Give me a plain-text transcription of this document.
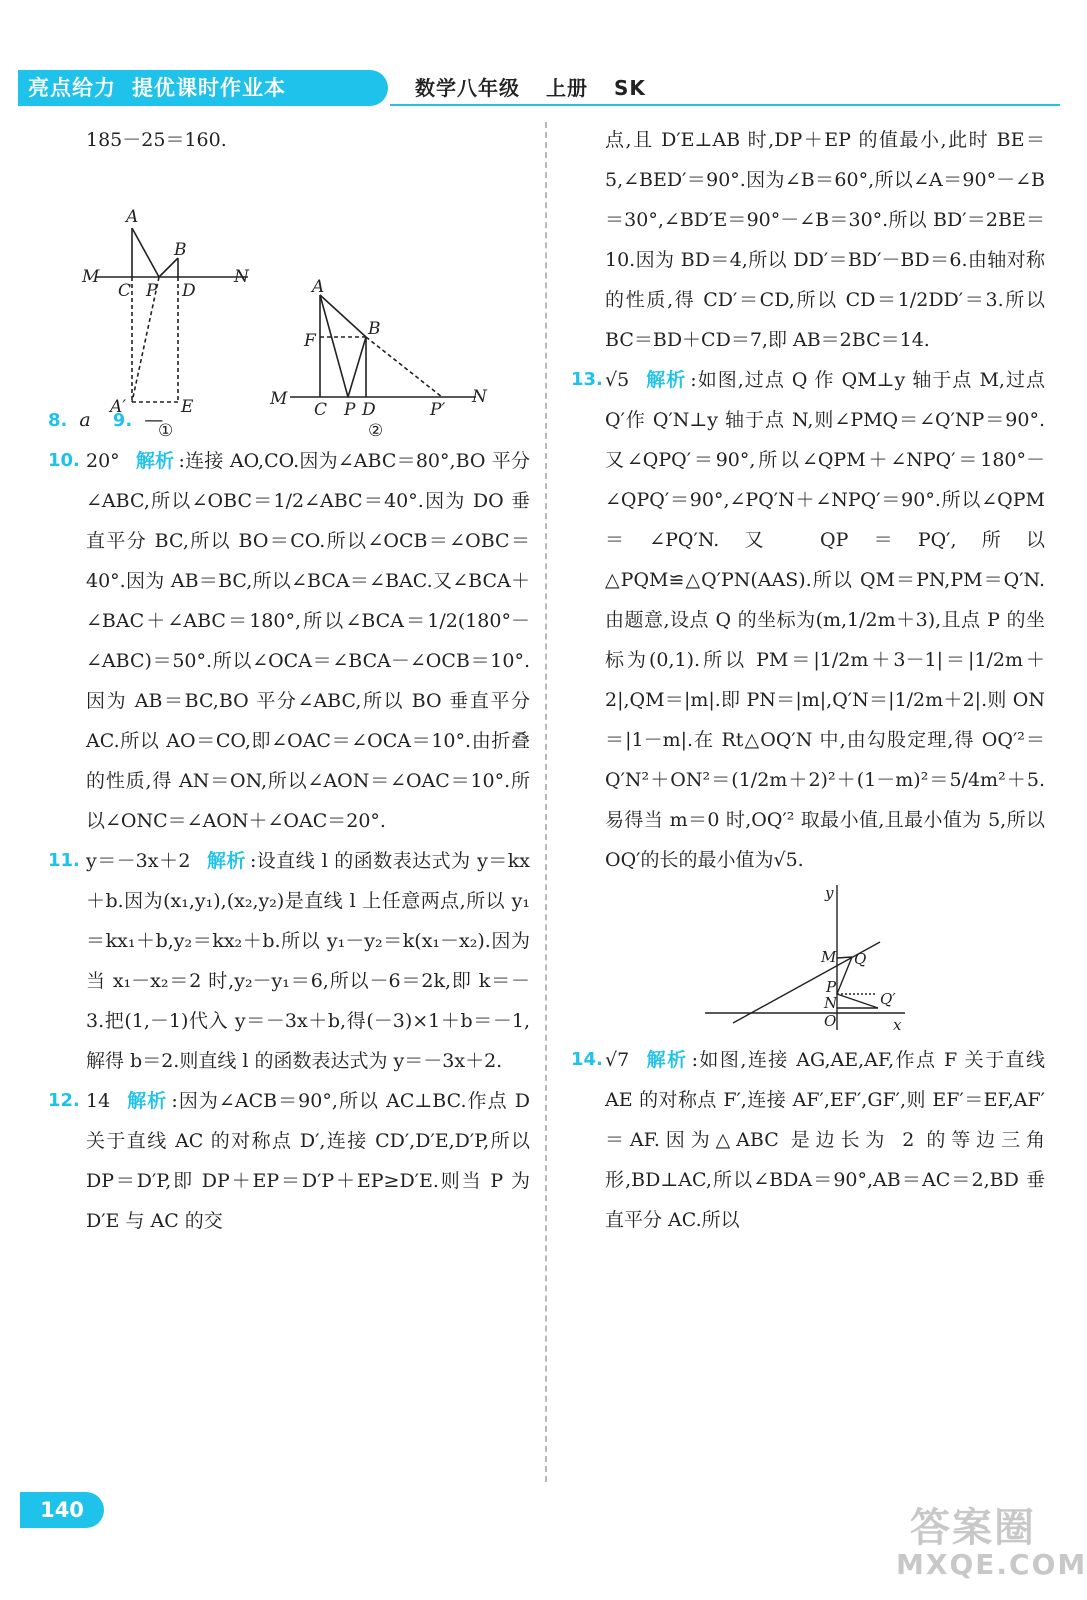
亮点给力 提优课时作业本	数学八年级 上册 SK

185－25＝160.

A
B
M	N
C P D
A′	E
①
A
B
F
M	N
C P D	P′
②

8. a 9. —

10. 20° 解析 :连接 AO,CO.因为∠ABC＝80°,BO 平分∠ABC,所以∠OBC＝1/2∠ABC＝40°.因为 DO 垂直平分 BC,所以 BO＝CO.所以∠OCB＝∠OBC＝40°.因为 AB＝BC,所以∠BCA＝∠BAC.又∠BCA＋∠BAC＋∠ABC＝180°,所以∠BCA＝1/2(180°－∠ABC)＝50°.所以∠OCA＝∠BCA－∠OCB＝10°.因为 AB＝BC,BO 平分∠ABC,所以 BO 垂直平分 AC.所以 AO＝CO,即∠OAC＝∠OCA＝10°.由折叠的性质,得 AN＝ON,所以∠AON＝∠OAC＝10°.所以∠ONC＝∠AON＋∠OAC＝20°.

11. y＝－3x＋2 解析 :设直线 l 的函数表达式为 y＝kx＋b.因为(x₁,y₁),(x₂,y₂)是直线 l 上任意两点,所以 y₁＝kx₁＋b,y₂＝kx₂＋b.所以 y₁－y₂＝k(x₁－x₂).因为当 x₁－x₂＝2 时,y₂－y₁＝6,所以－6＝2k,即 k＝－3.把(1,－1)代入 y＝－3x＋b,得(－3)×1＋b＝－1,解得 b＝2.则直线 l 的函数表达式为 y＝－3x＋2.

12. 14 解析 :因为∠ACB＝90°,所以 AC⊥BC.作点 D 关于直线 AC 的对称点 D′,连接 CD′,D′E,D′P,所以 DP＝D′P,即 DP＋EP＝D′P＋EP≥D′E.则当 P 为 D′E 与 AC 的交

点,且 D′E⊥AB 时,DP＋EP 的值最小,此时 BE＝5,∠BED′＝90°.因为∠B＝60°,所以∠A＝90°－∠B＝30°,∠BD′E＝90°－∠B＝30°.所以 BD′＝2BE＝10.因为 BD＝4,所以 DD′＝BD′－BD＝6.由轴对称的性质,得 CD′＝CD,所以 CD＝1/2DD′＝3.所以 BC＝BD＋CD＝7,即 AB＝2BC＝14.

13. √5 解析 :如图,过点 Q 作 QM⊥y 轴于点 M,过点 Q′作 Q′N⊥y 轴于点 N,则∠PMQ＝∠Q′NP＝90°.又∠QPQ′＝90°,所以∠QPM＋∠NPQ′＝180°－∠QPQ′＝90°,∠PQ′N＋∠NPQ′＝90°.所以∠QPM＝∠PQ′N.又 QP＝PQ′,所以△PQM≌△Q′PN(AAS).所以 QM＝PN,PM＝Q′N.由题意,设点 Q 的坐标为(m,1/2m＋3),且点 P 的坐标为(0,1).所以 PM＝|1/2m＋3－1|＝|1/2m＋2|,QM＝|m|.即 PN＝|m|,Q′N＝|1/2m＋2|.则 ON＝|1－m|.在 Rt△OQ′N 中,由勾股定理,得 OQ′²＝Q′N²＋ON²＝(1/2m＋2)²＋(1－m)²＝5/4m²＋5.易得当 m＝0 时,OQ′² 取最小值,且最小值为 5,所以 OQ′的长的最小值为√5.

y
x
M Q
P
N
O
Q′

14. √7 解析 :如图,连接 AG,AE,AF,作点 F 关于直线 AE 的对称点 F′,连接 AF′,EF′,GF′,则 EF′＝EF,AF′＝AF.因为△ABC 是边长为 2 的等边三角形,BD⊥AC,所以∠BDA＝90°,AB＝AC＝2,BD 垂直平分 AC.所以

140	答案圈
MXQE.COM
